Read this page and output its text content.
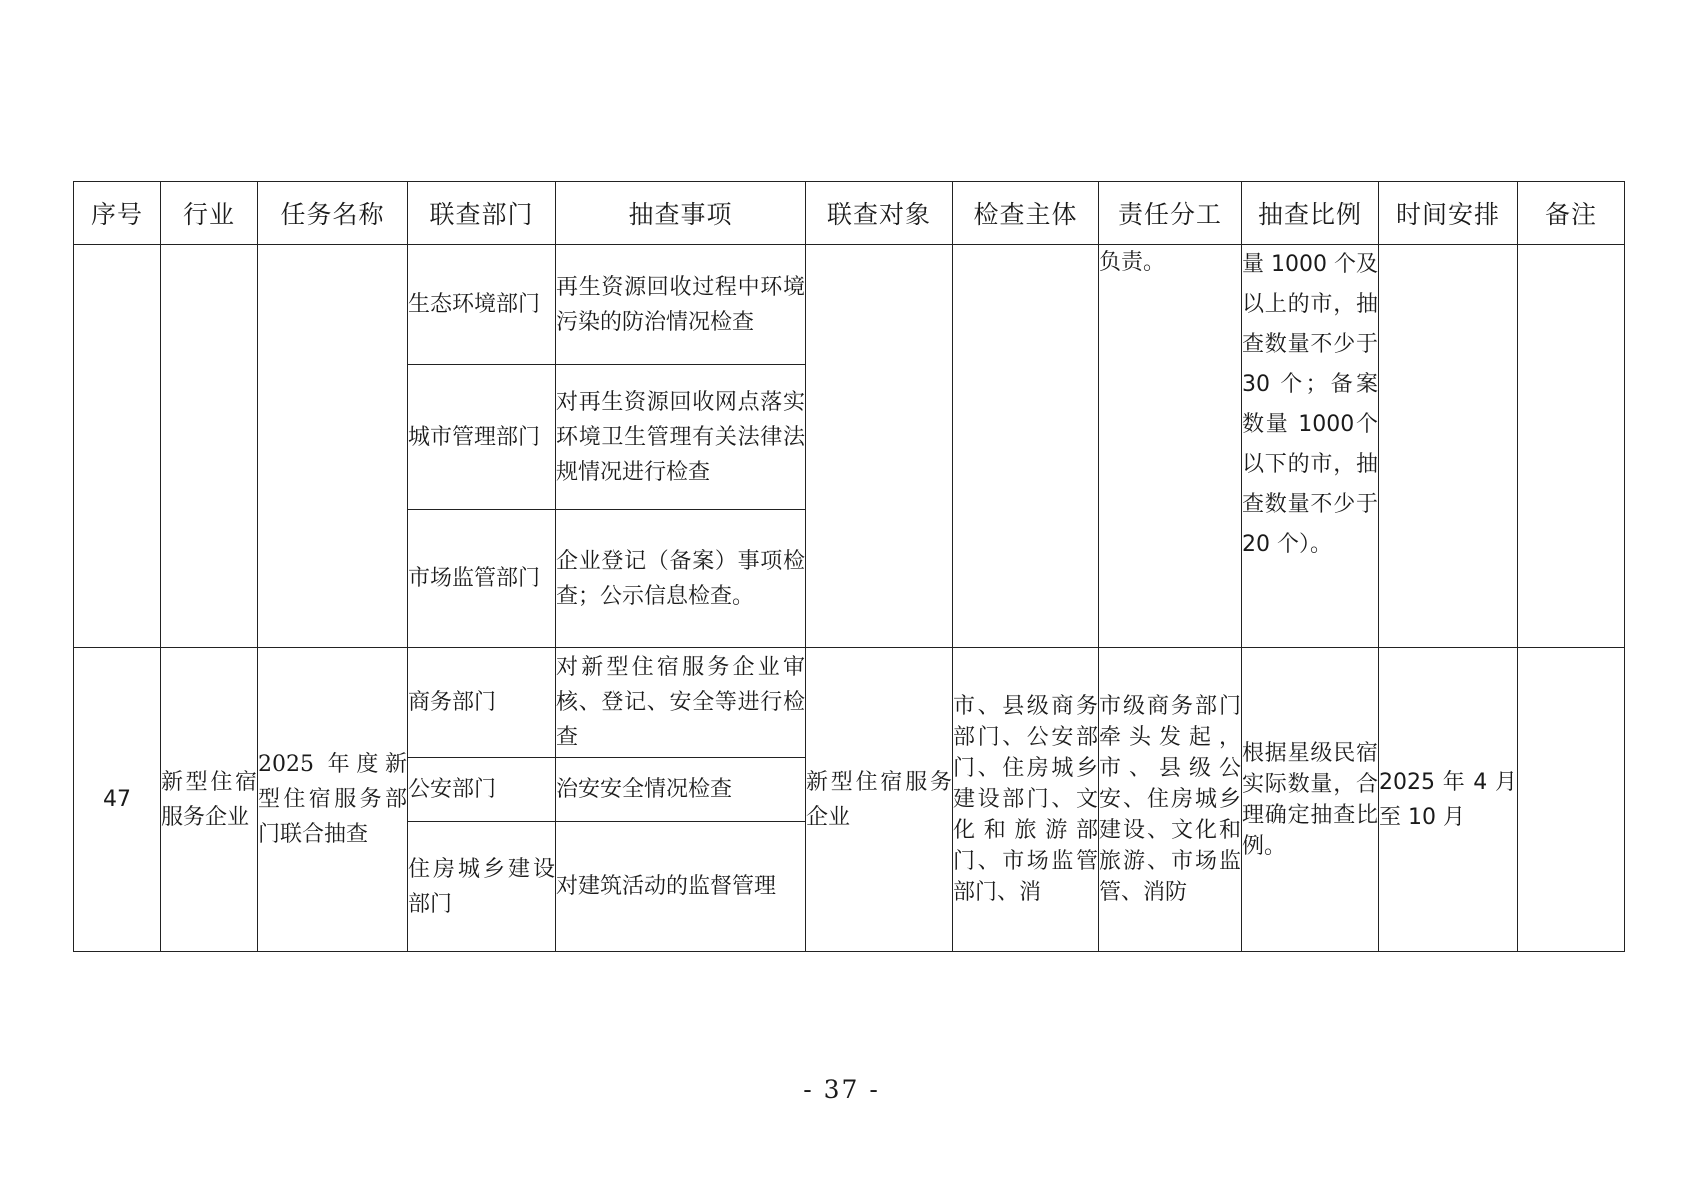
序号	行业	任务名称	联查部门	抽查事项	联查对象	检查主体	责任分工	抽查比例	时间安排	备注
			生态环境部门	再生资源回收过程中环境污染的防治情况检查			负责。	量 1000 个及以上的市，抽查数量不少于30 个；备案数量 1000个以下的市，抽查数量不少于20 个）。		
			城市管理部门	对再生资源回收网点落实环境卫生管理有关法律法规情况进行检查						
			市场监管部门	企业登记（备案）事项检查；公示信息检查。						
47	新型住宿服务企业	2025 年度新型住宿服务部门联合抽查	商务部门	对新型住宿服务企业审核、登记、安全等进行检查	新型住宿服务企业	市、县级商务部门、公安部门、住房城乡建设部门、文化和旅游部门、市场监管部门、消	市级商务部门牵头发起，市、县级公安、住房城乡建设、文化和旅游、市场监管、消防	根据星级民宿实际数量，合理确定抽查比例。	2025 年 4 月至 10 月	
			公安部门	治安安全情况检查						
			住房城乡建设部门	对建筑活动的监督管理						
- 37 -
